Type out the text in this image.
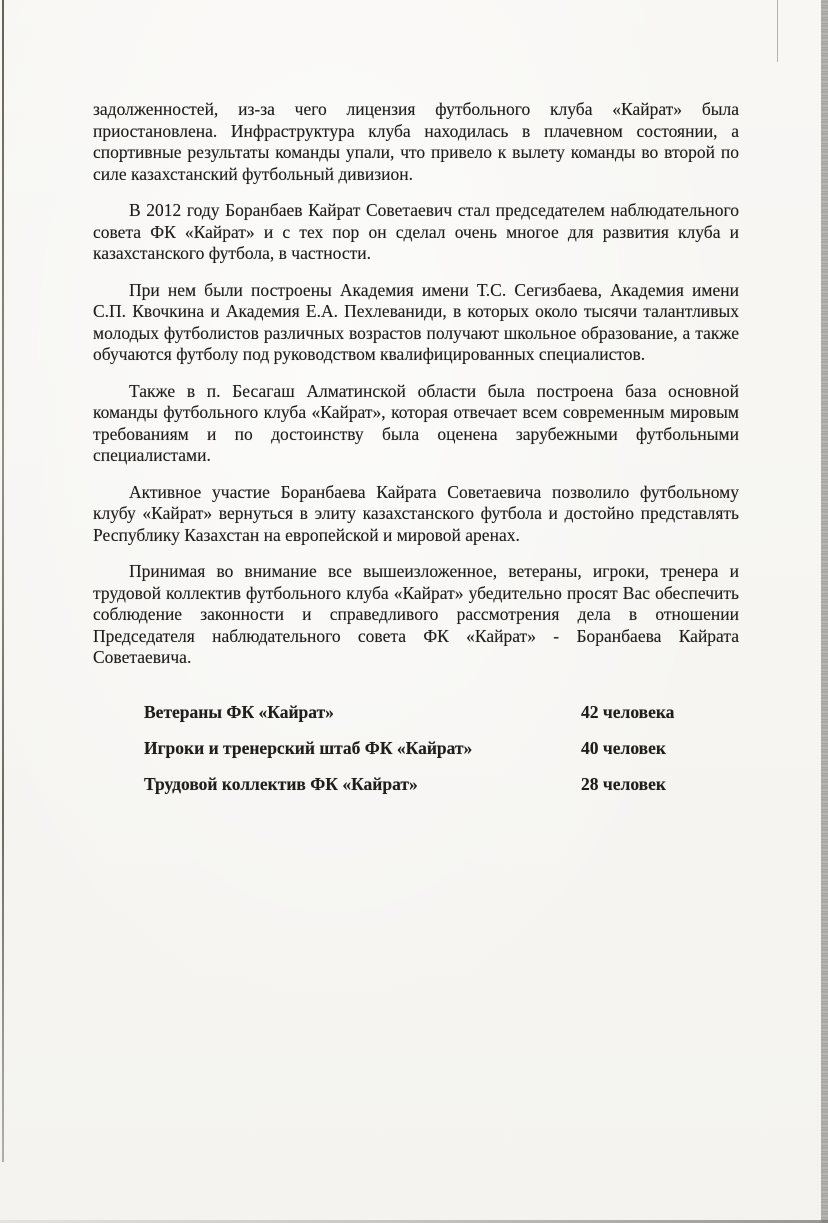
задолженностей, из-за чего лицензия футбольного клуба «Кайрат» была приостановлена. Инфраструктура клуба находилась в плачевном состоянии, а спортивные результаты команды упали, что привело к вылету команды во второй по силе казахстанский футбольный дивизион.

В 2012 году Боранбаев Кайрат Советаевич стал председателем наблюдательного совета ФК «Кайрат» и с тех пор он сделал очень многое для развития клуба и казахстанского футбола, в частности.

При нем были построены Академия имени Т.С. Сегизбаева, Академия имени С.П. Квочкина и Академия Е.А. Пехлеваниди, в которых около тысячи талантливых молодых футболистов различных возрастов получают школьное образование, а также обучаются футболу под руководством квалифицированных специалистов.

Также в п. Бесагаш Алматинской области была построена база основной команды футбольного клуба «Кайрат», которая отвечает всем современным мировым требованиям и по достоинству была оценена зарубежными футбольными специалистами.

Активное участие Боранбаева Кайрата Советаевича позволило футбольному клубу «Кайрат» вернуться в элиту казахстанского футбола и достойно представлять Республику Казахстан на европейской и мировой аренах.

Принимая во внимание все вышеизложенное, ветераны, игроки, тренера и трудовой коллектив футбольного клуба «Кайрат» убедительно просят Вас обеспечить соблюдение законности и справедливого рассмотрения дела в отношении Председателя наблюдательного совета ФК «Кайрат» - Боранбаева Кайрата Советаевича.

Ветераны ФК «Кайрат»	42 человека
Игроки и тренерский штаб ФК «Кайрат»	40 человек
Трудовой коллектив ФК «Кайрат»	28 человек
